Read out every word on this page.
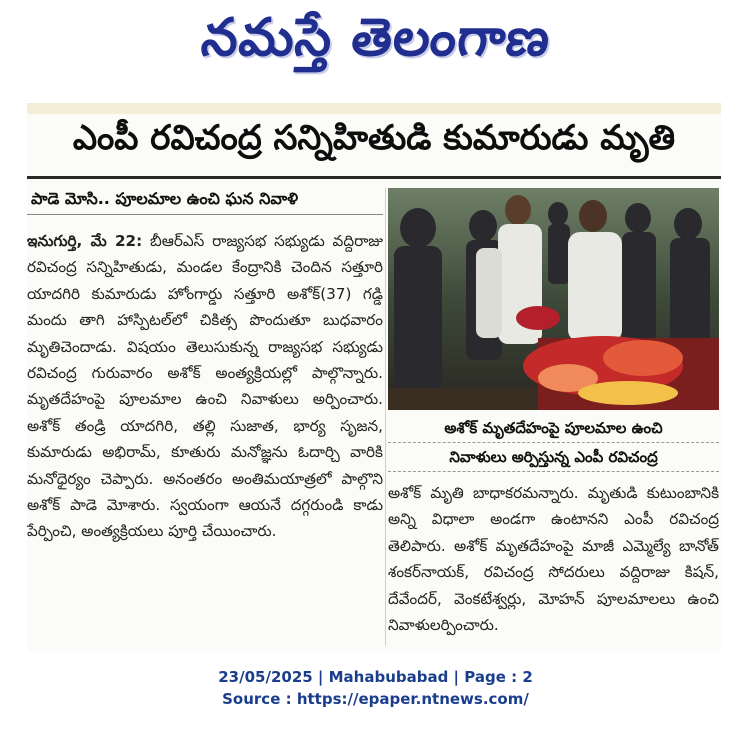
నమస్తే తెలంగాణ
ఎంపీ రవిచంద్ర సన్నిహితుడి కుమారుడు మృతి
పాడె మోసి.. పూలమాల ఉంచి ఘన నివాళి

ఇనుగుర్తి, మే 22: బీఆర్‌ఎస్ రాజ్యసభ సభ్యుడు వద్దిరాజు రవిచంద్ర సన్నిహితుడు, మండల కేంద్రానికి చెందిన సత్తూరి యాదగిరి కుమారుడు హోంగార్డు సత్తూరి అశోక్(37) గడ్డి మందు తాగి హాస్పిటల్‌లో చికిత్స పొందుతూ బుధవారం మృతిచెందాడు. విషయం తెలుసుకున్న రాజ్యసభ సభ్యుడు రవిచంద్ర గురువారం అశోక్ అంత్యక్రియల్లో పాల్గొన్నారు. మృతదేహంపై పూలమాల ఉంచి నివాళులు అర్పించారు. అశోక్ తండ్రి యాదగిరి, తల్లి సుజాత, భార్య సృజన, కుమారుడు అభిరామ్, కూతురు మనోజ్ఞను ఓదార్చి వారికి మనోధైర్యం చెప్పారు. అనంతరం అంతిమయాత్రలో పాల్గొని అశోక్ పాడె మోశారు. స్వయంగా ఆయనే దగ్గరుండి కాడు పేర్పించి, అంత్యక్రియలు పూర్తి చేయించారు.

అశోక్ మృతదేహంపై పూలమాల ఉంచి
నివాళులు అర్పిస్తున్న ఎంపీ రవిచంద్ర

అశోక్ మృతి బాధాకరమన్నారు. మృతుడి కుటుంబానికి అన్ని విధాలా అండగా ఉంటానని ఎంపీ రవిచంద్ర తెలిపారు. అశోక్ మృతదేహంపై మాజీ ఎమ్మెల్యే బానోత్ శంకర్‌నాయక్, రవిచంద్ర సోదరులు వద్దిరాజు కిషన్, దేవేందర్, వెంకటేశ్వర్లు, మోహన్ పూలమాలలు ఉంచి నివాళులర్పించారు.

23/05/2025 | Mahabubabad | Page : 2
Source : https://epaper.ntnews.com/
